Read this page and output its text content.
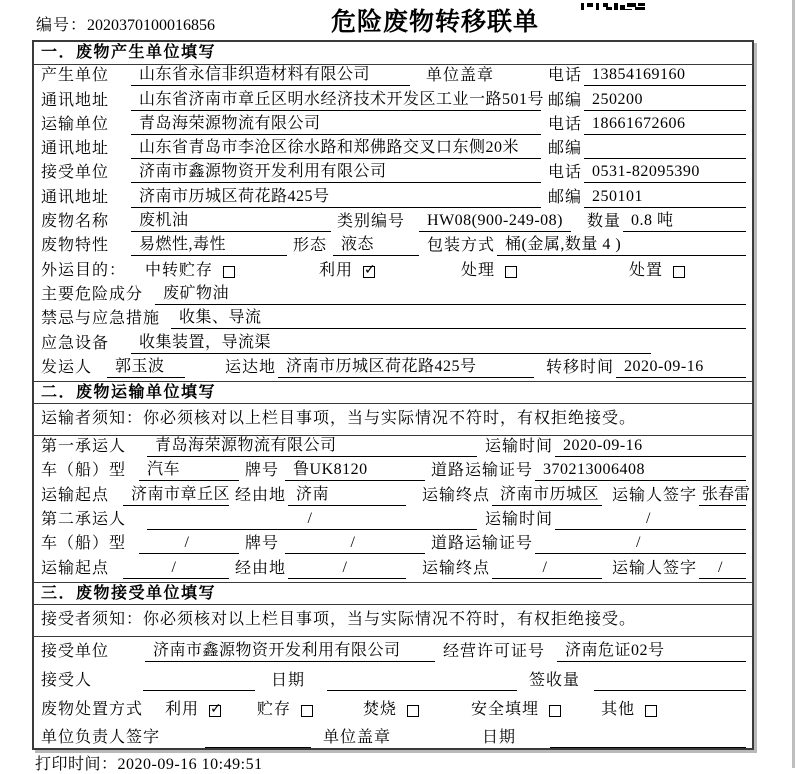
编号：2020370100016856	危险废物转移联单
一．废物产生单位填写
产生单位	山东省永信非织造材料有限公司	单位盖章	电话 13854169160
通讯地址	山东省济南市章丘区明水经济技术开发区工业一路501号 邮编 250200
运输单位	青岛海荣源物流有限公司	电话 18661672606
通讯地址	山东省青岛市李沧区徐水路和郑佛路交叉口东侧20米	邮编
接受单位	济南市鑫源物资开发利用有限公司	电话 0531-82095390
通讯地址	济南市历城区荷花路425号	邮编 250101
废物名称	废机油	类别编号	HW08(900-249-08)	数量 0.8 吨
废物特性	易燃性,毒性	形态 液态	包装方式 桶(金属,数量 4 )
外运目的：	中转贮存	利用 ✓	处理	处置
主要危险成分	废矿物油
禁忌与应急措施	收集、导流
应急设备	收集装置，导流渠
发运人	郭玉波	运达地 济南市历城区荷花路425号	转移时间 2020-09-16
二．废物运输单位填写
运输者须知：你必须核对以上栏目事项，当与实际情况不符时，有权拒绝接受。
第一承运人	青岛海荣源物流有限公司	运输时间 2020-09-16
车（船）型	汽车	牌号 鲁UK8120	道路运输证号 370213006408
运输起点	济南市章丘区 经由地 济南	运输终点 济南市历城区 运输人签字 张春雷
第二承运人	/	运输时间	/
车（船）型	/	牌号	/	道路运输证号	/
运输起点	/	经由地	/	运输终点	/	运输人签字	/
三．废物接受单位填写
接受者须知：你必须核对以上栏目事项，当与实际情况不符时，有权拒绝接受。
接受单位	济南市鑫源物资开发利用有限公司	经营许可证号	济南危证02号
接受人	日期	签收量
废物处置方式	利用 ✓ 贮存	焚烧	安全填埋	其他
单位负责人签字	单位盖章	日期
打印时间：2020-09-16 10:49:51
